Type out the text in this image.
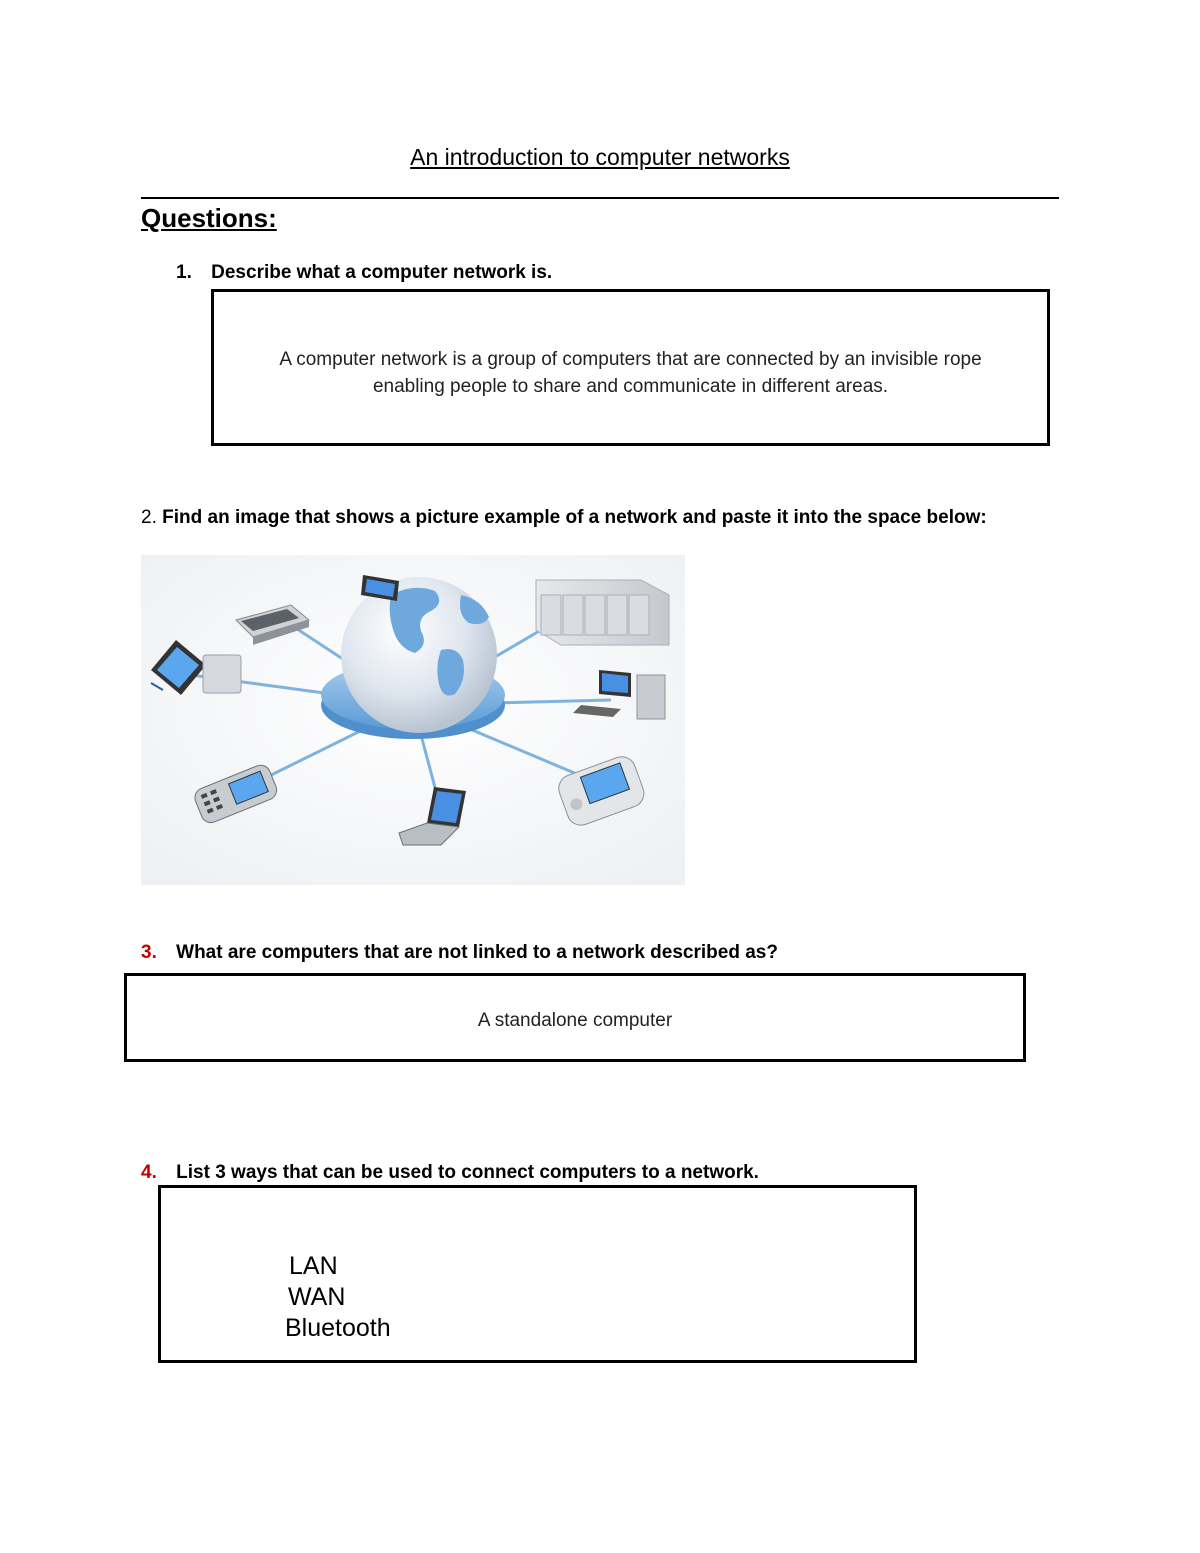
An introduction to computer networks
Questions:
1. Describe what a computer network is.
A computer network is a group of computers that are connected by an invisible rope
enabling people to share and communicate in different areas.
2. Find an image that shows a picture example of a network and paste it into the space below:
3. What are computers that are not linked to a network described as?
A standalone computer
4. List 3 ways that can be used to connect computers to a network.
LAN
WAN
Bluetooth
